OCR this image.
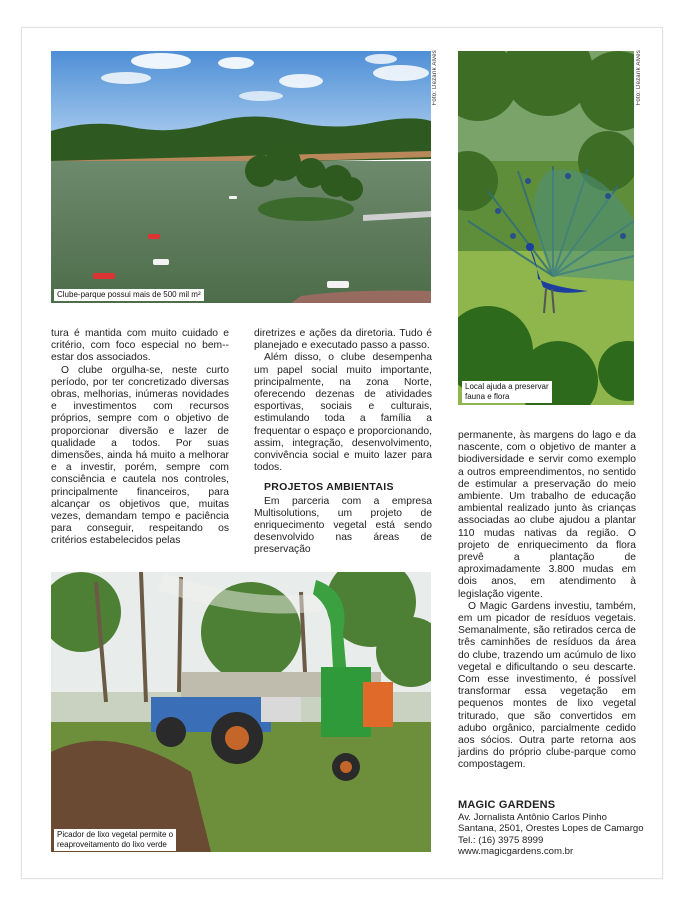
Foto: Dezarik Alves
Clube-parque possui mais de 500 mil m²
Foto: Dezarik Alves
Local ajuda a preservar
fauna e flora

tura é mantida com muito cuidado e critério, com foco especial no bem--estar dos associados.

O clube orgulha-se, neste curto período, por ter concretizado diversas obras, melhorias, inúmeras novidades e investimentos com recursos próprios, sempre com o objetivo de proporcionar diversão e lazer de qualidade a todos. Por suas dimensões, ainda há muito a melhorar e a investir, porém, sempre com consciência e cautela nos controles, principalmente financeiros, para alcançar os objetivos que, muitas vezes, demandam tempo e paciência para conseguir, respeitando os critérios estabelecidos pelas

diretrizes e ações da diretoria. Tudo é planejado e executado passo a passo.

Além disso, o clube desempenha um papel social muito importante, principalmente, na zona Norte, oferecendo dezenas de atividades esportivas, sociais e culturais, estimulando toda a família a frequentar o espaço e proporcionando, assim, integração, desenvolvimento, convivência social e muito lazer para todos.

PROJETOS AMBIENTAIS

Em parceria com a empresa Multisolutions, um projeto de enriquecimento vegetal está sendo desenvolvido nas áreas de preservação

permanente, às margens do lago e da nascente, com o objetivo de manter a biodiversidade e servir como exemplo a outros empreendimentos, no sentido de estimular a preservação do meio ambiente. Um trabalho de educação ambiental realizado junto às crianças associadas ao clube ajudou a plantar 110 mudas nativas da região. O projeto de enriquecimento da flora prevê a plantação de aproximadamente 3.800 mudas em dois anos, em atendimento à legislação vigente.

O Magic Gardens investiu, também, em um picador de resíduos vegetais. Semanalmente, são retirados cerca de três caminhões de resíduos da área do clube, trazendo um acúmulo de lixo vegetal e dificultando o seu descarte. Com esse investimento, é possível transformar essa vegetação em pequenos montes de lixo vegetal triturado, que são convertidos em adubo orgânico, parcialmente cedido aos sócios. Outra parte retorna aos jardins do próprio clube-parque como compostagem.

Picador de lixo vegetal permite o
reaproveitamento do lixo verde
MAGIC GARDENS
Av. Jornalista Antônio Carlos Pinho
Santana, 2501, Orestes Lopes de Camargo
Tel.: (16) 3975 8999
www.magicgardens.com.br
